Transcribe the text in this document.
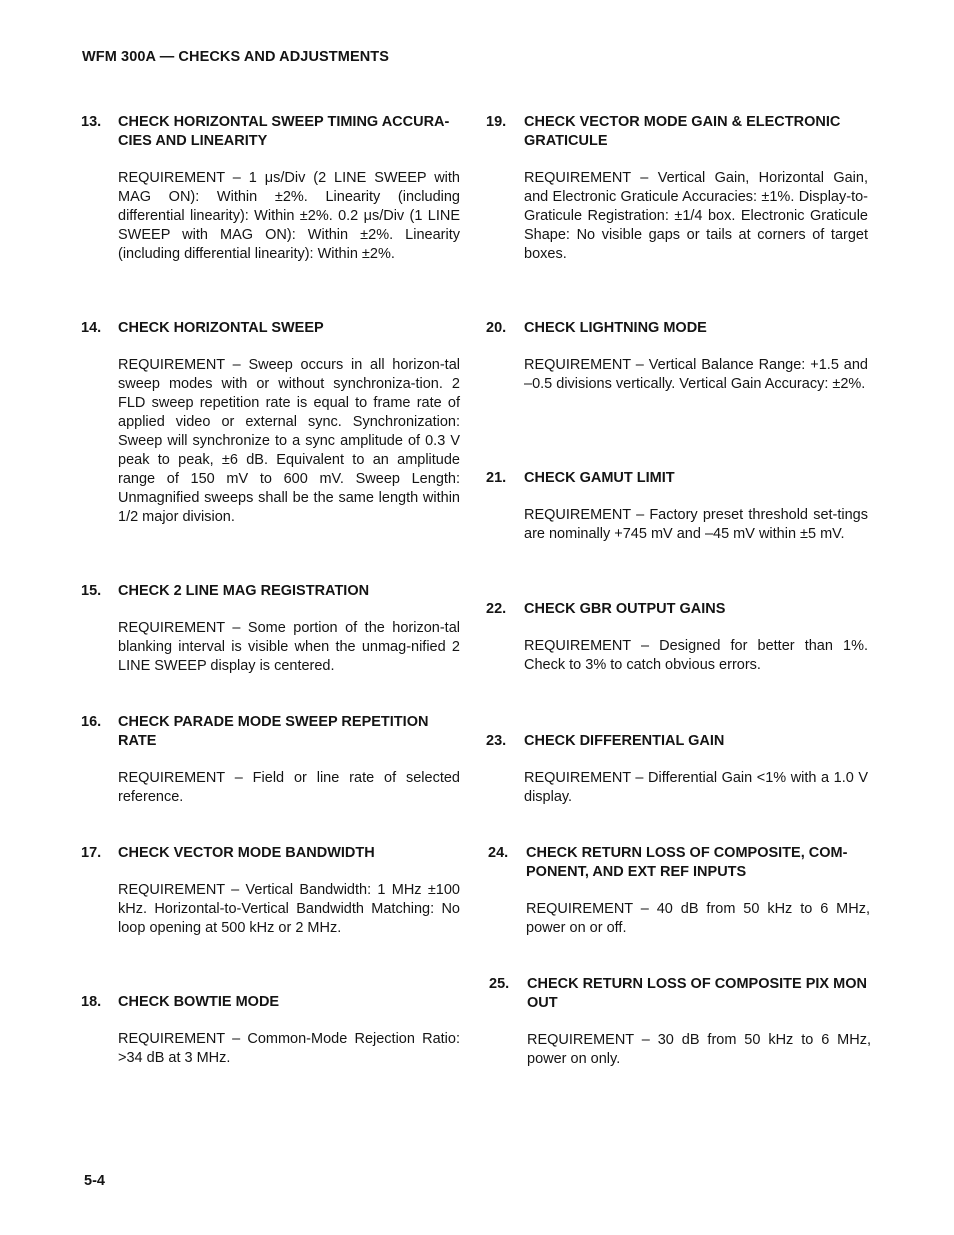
WFM 300A — CHECKS AND ADJUSTMENTS
13. CHECK HORIZONTAL SWEEP TIMING ACCURA-CIES AND LINEARITY
REQUIREMENT – 1 μs/Div (2 LINE SWEEP with MAG ON): Within ±2%. Linearity (including differential linearity): Within ±2%. 0.2 μs/Div (1 LINE SWEEP with MAG ON): Within ±2%. Linearity (including differential linearity): Within ±2%.
14. CHECK HORIZONTAL SWEEP
REQUIREMENT – Sweep occurs in all horizon-tal sweep modes with or without synchroniza-tion. 2 FLD sweep repetition rate is equal to frame rate of applied video or external sync. Synchronization: Sweep will synchronize to a sync amplitude of 0.3 V peak to peak, ±6 dB. Equivalent to an amplitude range of 150 mV to 600 mV. Sweep Length: Unmagnified sweeps shall be the same length within 1/2 major division.
15. CHECK 2 LINE MAG REGISTRATION
REQUIREMENT – Some portion of the horizon-tal blanking interval is visible when the unmag-nified 2 LINE SWEEP display is centered.
16. CHECK PARADE MODE SWEEP REPETITION RATE
REQUIREMENT – Field or line rate of selected reference.
17. CHECK VECTOR MODE BANDWIDTH
REQUIREMENT – Vertical Bandwidth: 1 MHz ±100 kHz. Horizontal-to-Vertical Bandwidth Matching: No loop opening at 500 kHz or 2 MHz.
18. CHECK BOWTIE MODE
REQUIREMENT – Common-Mode Rejection Ratio: >34 dB at 3 MHz.
19. CHECK VECTOR MODE GAIN & ELECTRONIC GRATICULE
REQUIREMENT – Vertical Gain, Horizontal Gain, and Electronic Graticule Accuracies: ±1%. Display-to-Graticule Registration: ±1/4 box. Electronic Graticule Shape: No visible gaps or tails at corners of target boxes.
20. CHECK LIGHTNING MODE
REQUIREMENT – Vertical Balance Range: +1.5 and –0.5 divisions vertically. Vertical Gain Accuracy: ±2%.
21. CHECK GAMUT LIMIT
REQUIREMENT – Factory preset threshold set-tings are nominally +745 mV and –45 mV within ±5 mV.
22. CHECK GBR OUTPUT GAINS
REQUIREMENT – Designed for better than 1%. Check to 3% to catch obvious errors.
23. CHECK DIFFERENTIAL GAIN
REQUIREMENT – Differential Gain <1% with a 1.0 V display.
24. CHECK RETURN LOSS OF COMPOSITE, COM-PONENT, AND EXT REF INPUTS
REQUIREMENT – 40 dB from 50 kHz to 6 MHz, power on or off.
25. CHECK RETURN LOSS OF COMPOSITE PIX MON OUT
REQUIREMENT – 30 dB from 50 kHz to 6 MHz, power on only.
5-4
